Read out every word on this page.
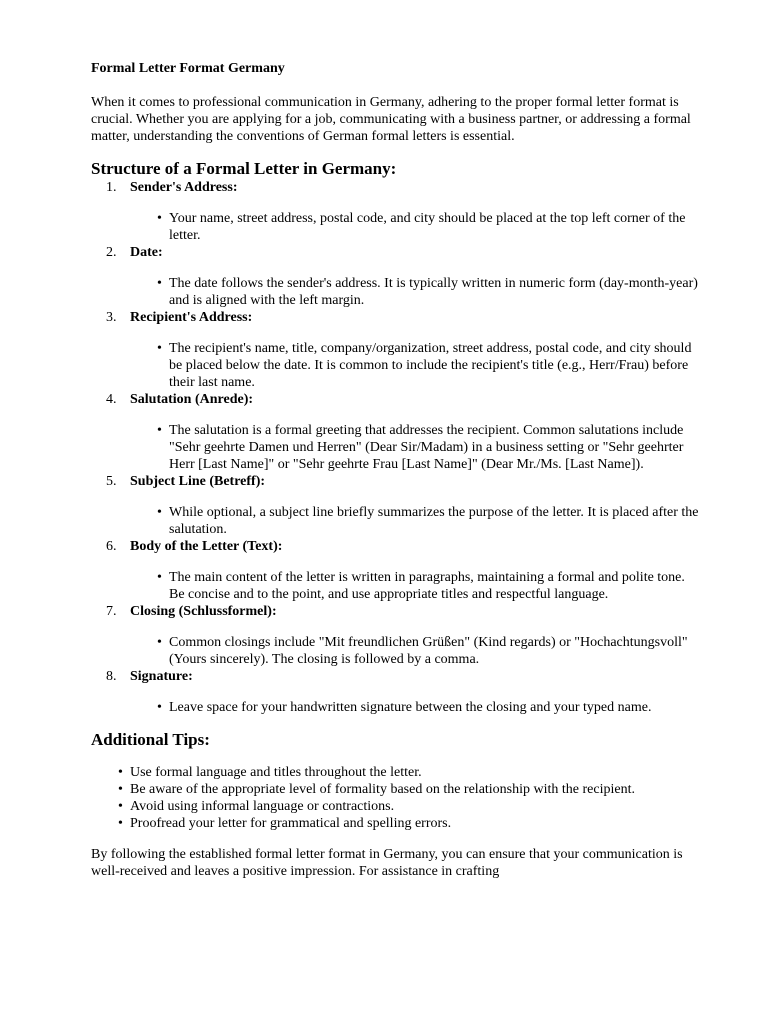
Formal Letter Format Germany

When it comes to professional communication in Germany, adhering to the proper formal letter format is crucial. Whether you are applying for a job, communicating with a business partner, or addressing a formal matter, understanding the conventions of German formal letters is essential.

Structure of a Formal Letter in Germany:
1. Sender's Address:
• Your name, street address, postal code, and city should be placed at the top left corner of the letter.
2. Date:
• The date follows the sender's address. It is typically written in numeric form (day-month-year) and is aligned with the left margin.
3. Recipient's Address:
• The recipient's name, title, company/organization, street address, postal code, and city should be placed below the date. It is common to include the recipient's title (e.g., Herr/Frau) before their last name.
4. Salutation (Anrede):
• The salutation is a formal greeting that addresses the recipient. Common salutations include "Sehr geehrte Damen und Herren" (Dear Sir/Madam) in a business setting or "Sehr geehrter Herr [Last Name]" or "Sehr geehrte Frau [Last Name]" (Dear Mr./Ms. [Last Name]).
5. Subject Line (Betreff):
• While optional, a subject line briefly summarizes the purpose of the letter. It is placed after the salutation.
6. Body of the Letter (Text):
• The main content of the letter is written in paragraphs, maintaining a formal and polite tone. Be concise and to the point, and use appropriate titles and respectful language.
7. Closing (Schlussformel):
• Common closings include "Mit freundlichen Grüßen" (Kind regards) or "Hochachtungsvoll" (Yours sincerely). The closing is followed by a comma.
8. Signature:
• Leave space for your handwritten signature between the closing and your typed name.
Additional Tips:
• Use formal language and titles throughout the letter.
• Be aware of the appropriate level of formality based on the relationship with the recipient.
• Avoid using informal language or contractions.
• Proofread your letter for grammatical and spelling errors.

By following the established formal letter format in Germany, you can ensure that your communication is well-received and leaves a positive impression. For assistance in crafting
